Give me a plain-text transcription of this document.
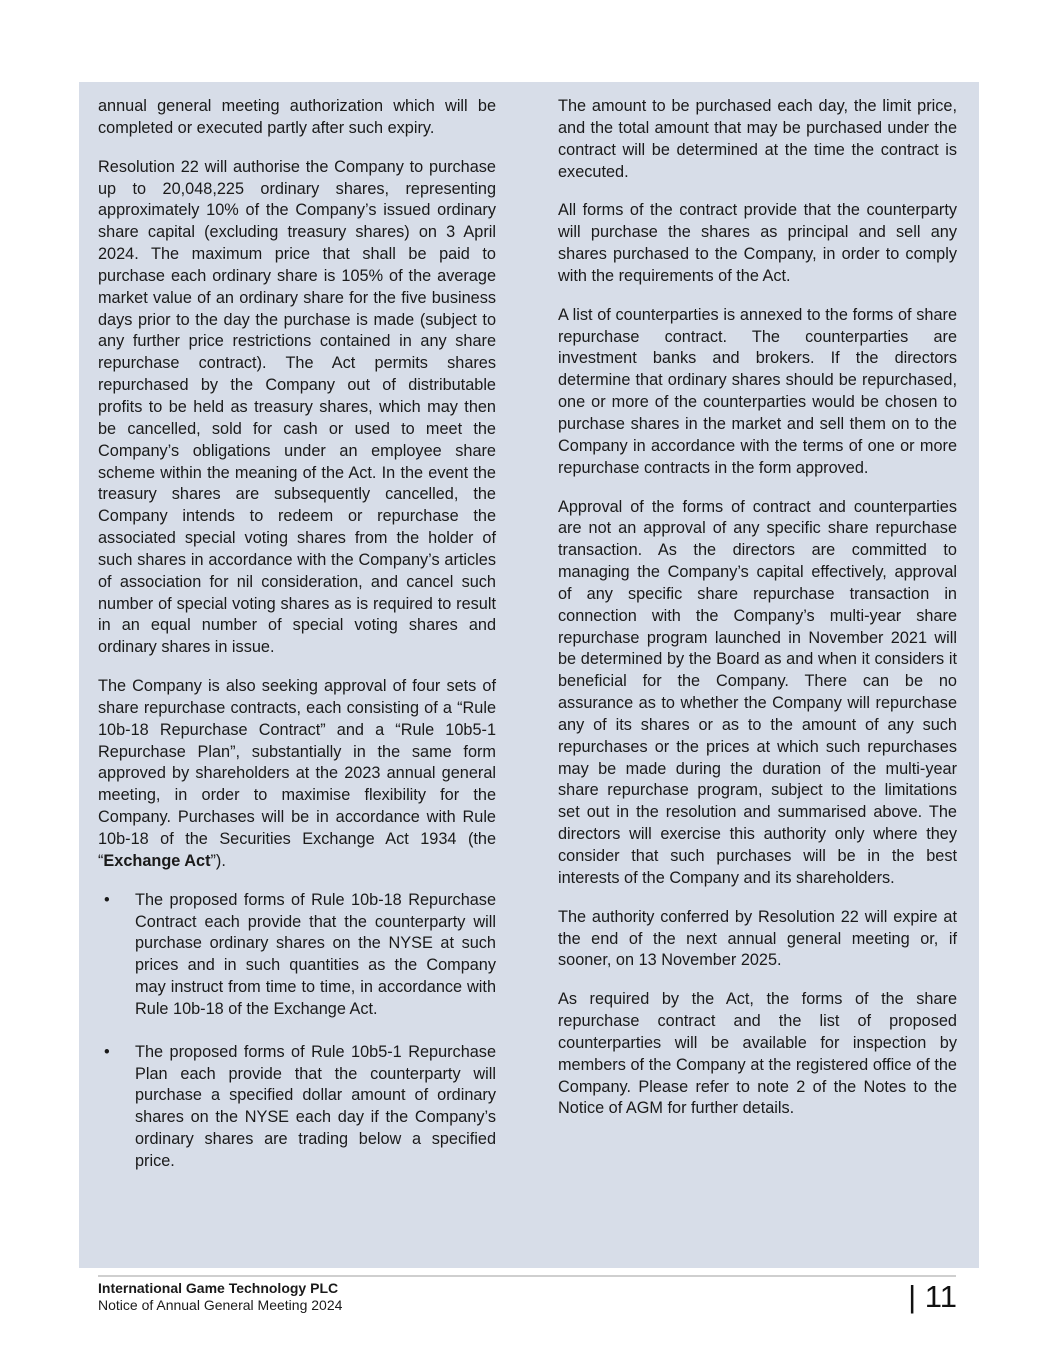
annual general meeting authorization which will be completed or executed partly after such expiry.

Resolution 22 will authorise the Company to purchase up to 20,048,225 ordinary shares, representing approximately 10% of the Company’s issued ordinary share capital (excluding treasury shares) on 3 April 2024. The maximum price that shall be paid to purchase each ordinary share is 105% of the average market value of an ordinary share for the five business days prior to the day the purchase is made (subject to any further price restrictions contained in any share repurchase contract). The Act permits shares repurchased by the Company out of distributable profits to be held as treasury shares, which may then be cancelled, sold for cash or used to meet the Company’s obligations under an employee share scheme within the meaning of the Act. In the event the treasury shares are subsequently cancelled, the Company intends to redeem or repurchase the associated special voting shares from the holder of such shares in accordance with the Company’s articles of association for nil consideration, and cancel such number of special voting shares as is required to result in an equal number of special voting shares and ordinary shares in issue.

The Company is also seeking approval of four sets of share repurchase contracts, each consisting of a “Rule 10b-18 Repurchase Contract” and a “Rule 10b5-1 Repurchase Plan”, substantially in the same form approved by shareholders at the 2023 annual general meeting, in order to maximise flexibility for the Company. Purchases will be in accordance with Rule 10b-18 of the Securities Exchange Act 1934 (the “Exchange Act”).

• The proposed forms of Rule 10b-18 Repurchase Contract each provide that the counterparty will purchase ordinary shares on the NYSE at such prices and in such quantities as the Company may instruct from time to time, in accordance with Rule 10b-18 of the Exchange Act.
• The proposed forms of Rule 10b5-1 Repurchase Plan each provide that the counterparty will purchase a specified dollar amount of ordinary shares on the NYSE each day if the Company’s ordinary shares are trading below a specified price.

The amount to be purchased each day, the limit price, and the total amount that may be purchased under the contract will be determined at the time the contract is executed.

All forms of the contract provide that the counterparty will purchase the shares as principal and sell any shares purchased to the Company, in order to comply with the requirements of the Act.

A list of counterparties is annexed to the forms of share repurchase contract. The counterparties are investment banks and brokers. If the directors determine that ordinary shares should be repurchased, one or more of the counterparties would be chosen to purchase shares in the market and sell them on to the Company in accordance with the terms of one or more repurchase contracts in the form approved.

Approval of the forms of contract and counterparties are not an approval of any specific share repurchase transaction. As the directors are committed to managing the Company’s capital effectively, approval of any specific share repurchase transaction in connection with the Company’s multi-year share repurchase program launched in November 2021 will be determined by the Board as and when it considers it beneficial for the Company. There can be no assurance as to whether the Company will repurchase any of its shares or as to the amount of any such repurchases or the prices at which such repurchases may be made during the duration of the multi-year share repurchase program, subject to the limitations set out in the resolution and summarised above. The directors will exercise this authority only where they consider that such purchases will be in the best interests of the Company and its shareholders.

The authority conferred by Resolution 22 will expire at the end of the next annual general meeting or, if sooner, on 13 November 2025.

As required by the Act, the forms of the share repurchase contract and the list of proposed counterparties will be available for inspection by members of the Company at the registered office of the Company. Please refer to note 2 of the Notes to the Notice of AGM for further details.

International Game Technology PLC
Notice of Annual General Meeting 2024	| 11
